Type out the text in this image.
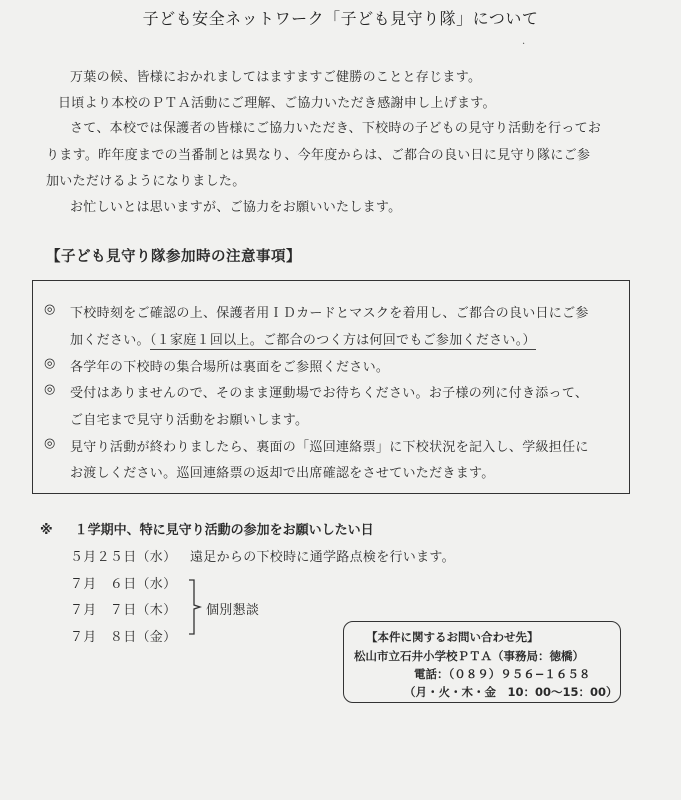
子ども安全ネットワーク「子ども見守り隊」について
.
万葉の候、皆様におかれましてはますますご健勝のことと存じます。
日頃より本校のＰＴＡ活動にご理解、ご協力いただき感謝申し上げます。
さて、本校では保護者の皆様にご協力いただき、下校時の子どもの見守り活動を行ってお
ります。昨年度までの当番制とは異なり、今年度からは、ご都合の良い日に見守り隊にご参
加いただけるようになりました。
お忙しいとは思いますが、ご協力をお願いいたします。
【子ども見守り隊参加時の注意事項】
◎ 下校時刻をご確認の上、保護者用ＩＤカードとマスクを着用し、ご都合の良い日にご参
加ください。（１家庭１回以上。ご都合のつく方は何回でもご参加ください。）
◎ 各学年の下校時の集合場所は裏面をご参照ください。
◎ 受付はありませんので、そのまま運動場でお待ちください。お子様の列に付き添って、
ご自宅まで見守り活動をお願いします。
◎ 見守り活動が終わりましたら、裏面の「巡回連絡票」に下校状況を記入し、学級担任に
お渡しください。巡回連絡票の返却で出席確認をさせていただきます。
※ １学期中、特に見守り活動の参加をお願いしたい日
５月２５日（水） 遠足からの下校時に通学路点検を行います。
７月　６日（水）
７月　７日（木）
７月　８日（金）
個別懇談
【本件に関するお問い合わせ先】
松山市立石井小学校ＰＴＡ（事務局：徳橋）
電話：（０８９）９５６−１６５８
（月・火・木・金　10：00～15：00）
